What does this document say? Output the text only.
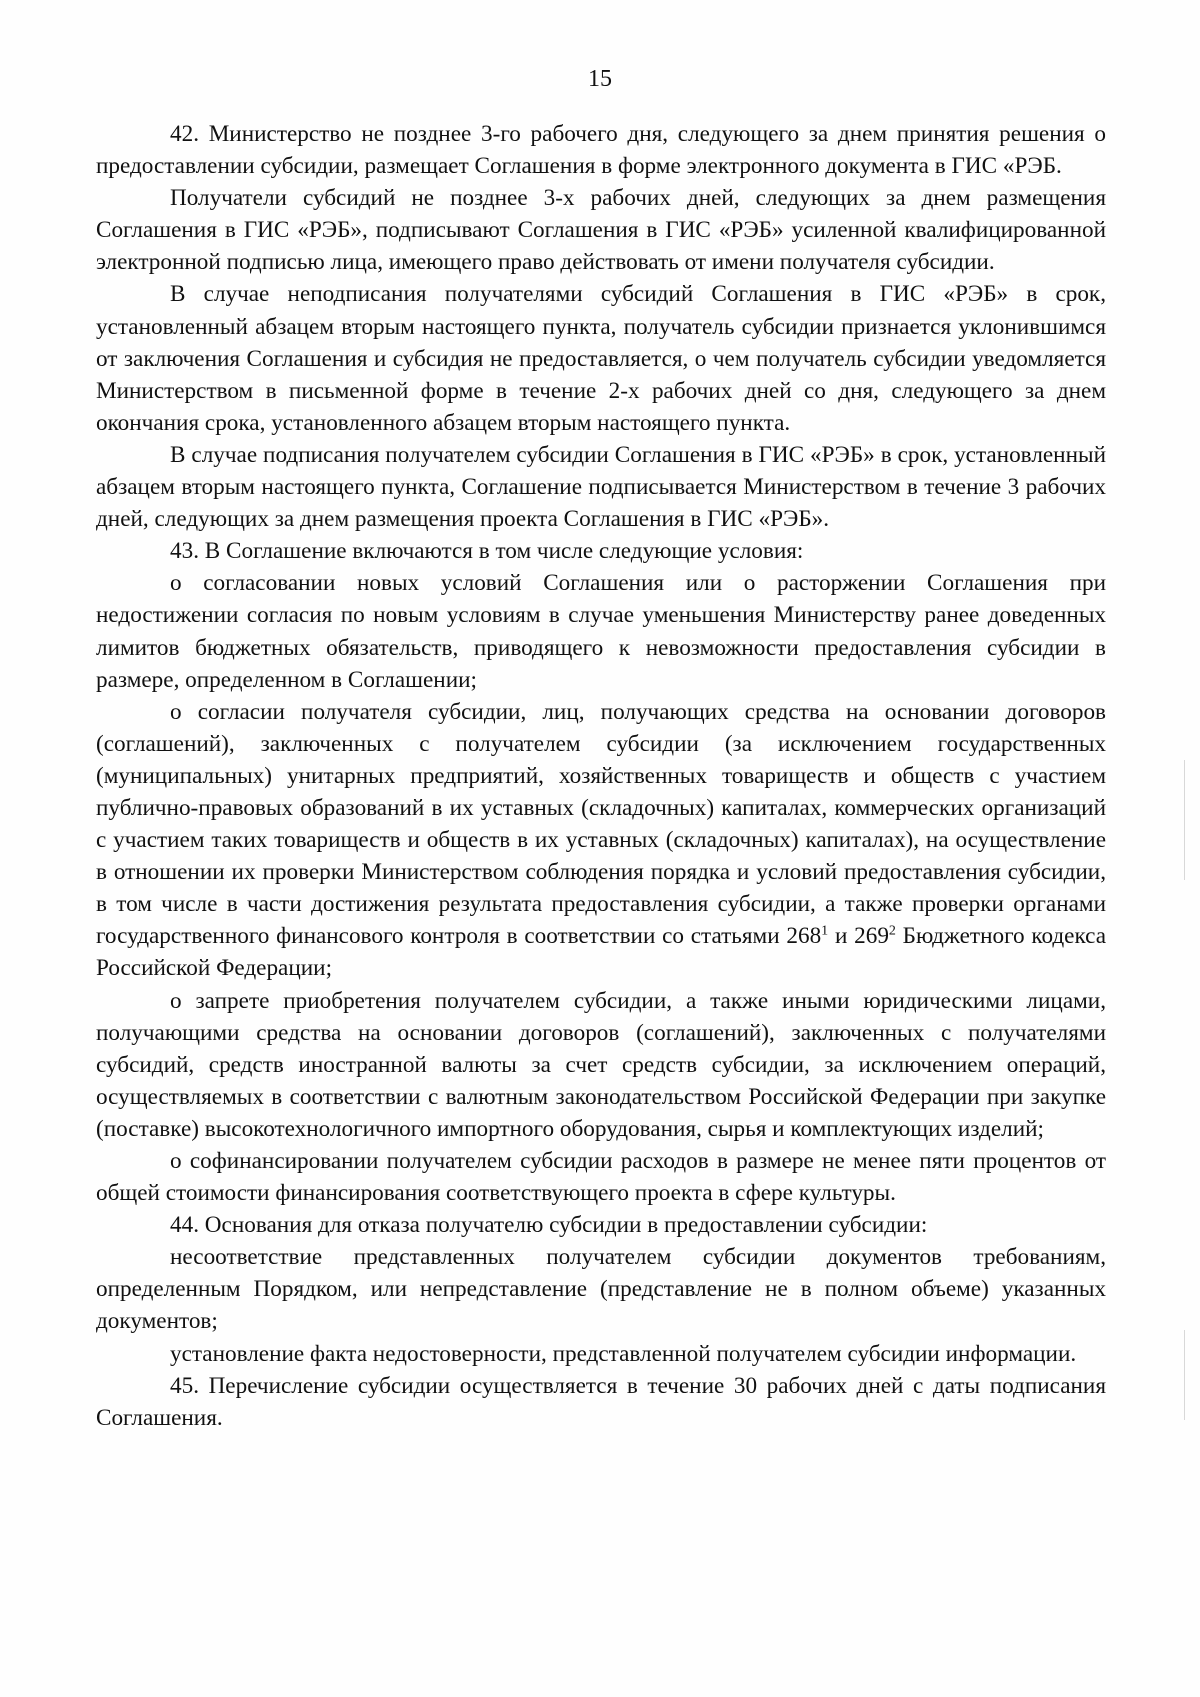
15

42. Министерство не позднее 3-го рабочего дня, следующего за днем принятия решения о предоставлении субсидии, размещает Соглашения в форме электронного документа в ГИС «РЭБ.

Получатели субсидий не позднее 3-х рабочих дней, следующих за днем размещения Соглашения в ГИС «РЭБ», подписывают Соглашения в ГИС «РЭБ» усиленной квалифицированной электронной подписью лица, имеющего право действовать от имени получателя субсидии.

В случае неподписания получателями субсидий Соглашения в ГИС «РЭБ» в срок, установленный абзацем вторым настоящего пункта, получатель субсидии признается уклонившимся от заключения Соглашения и субсидия не предоставляется, о чем получатель субсидии уведомляется Министерством в письменной форме в течение 2-х рабочих дней со дня, следующего за днем окончания срока, установленного абзацем вторым настоящего пункта.

В случае подписания получателем субсидии Соглашения в ГИС «РЭБ» в срок, установленный абзацем вторым настоящего пункта, Соглашение подписывается Министерством в течение 3 рабочих дней, следующих за днем размещения проекта Соглашения в ГИС «РЭБ».

43. В Соглашение включаются в том числе следующие условия:

о согласовании новых условий Соглашения или о расторжении Соглашения при недостижении согласия по новым условиям в случае уменьшения Министерству ранее доведенных лимитов бюджетных обязательств, приводящего к невозможности предоставления субсидии в размере, определенном в Соглашении;

о согласии получателя субсидии, лиц, получающих средства на основании договоров (соглашений), заключенных с получателем субсидии (за исключением государственных (муниципальных) унитарных предприятий, хозяйственных товариществ и обществ с участием публично-правовых образований в их уставных (складочных) капиталах, коммерческих организаций с участием таких товариществ и обществ в их уставных (складочных) капиталах), на осуществление в отношении их проверки Министерством соблюдения порядка и условий предоставления субсидии, в том числе в части достижения результата предоставления субсидии, а также проверки органами государственного финансового контроля в соответствии со статьями $268^1$ и $269^2$ Бюджетного кодекса Российской Федерации;

о запрете приобретения получателем субсидии, а также иными юридическими лицами, получающими средства на основании договоров (соглашений), заключенных с получателями субсидий, средств иностранной валюты за счет средств субсидии, за исключением операций, осуществляемых в соответствии с валютным законодательством Российской Федерации при закупке (поставке) высокотехнологичного импортного оборудования, сырья и комплектующих изделий;

о софинансировании получателем субсидии расходов в размере не менее пяти процентов от общей стоимости финансирования соответствующего проекта в сфере культуры.

44. Основания для отказа получателю субсидии в предоставлении субсидии:

несоответствие представленных получателем субсидии документов требованиям, определенным Порядком, или непредставление (представление не в полном объеме) указанных документов;

установление факта недостоверности, представленной получателем субсидии информации.

45. Перечисление субсидии осуществляется в течение 30 рабочих дней с даты подписания Соглашения.
